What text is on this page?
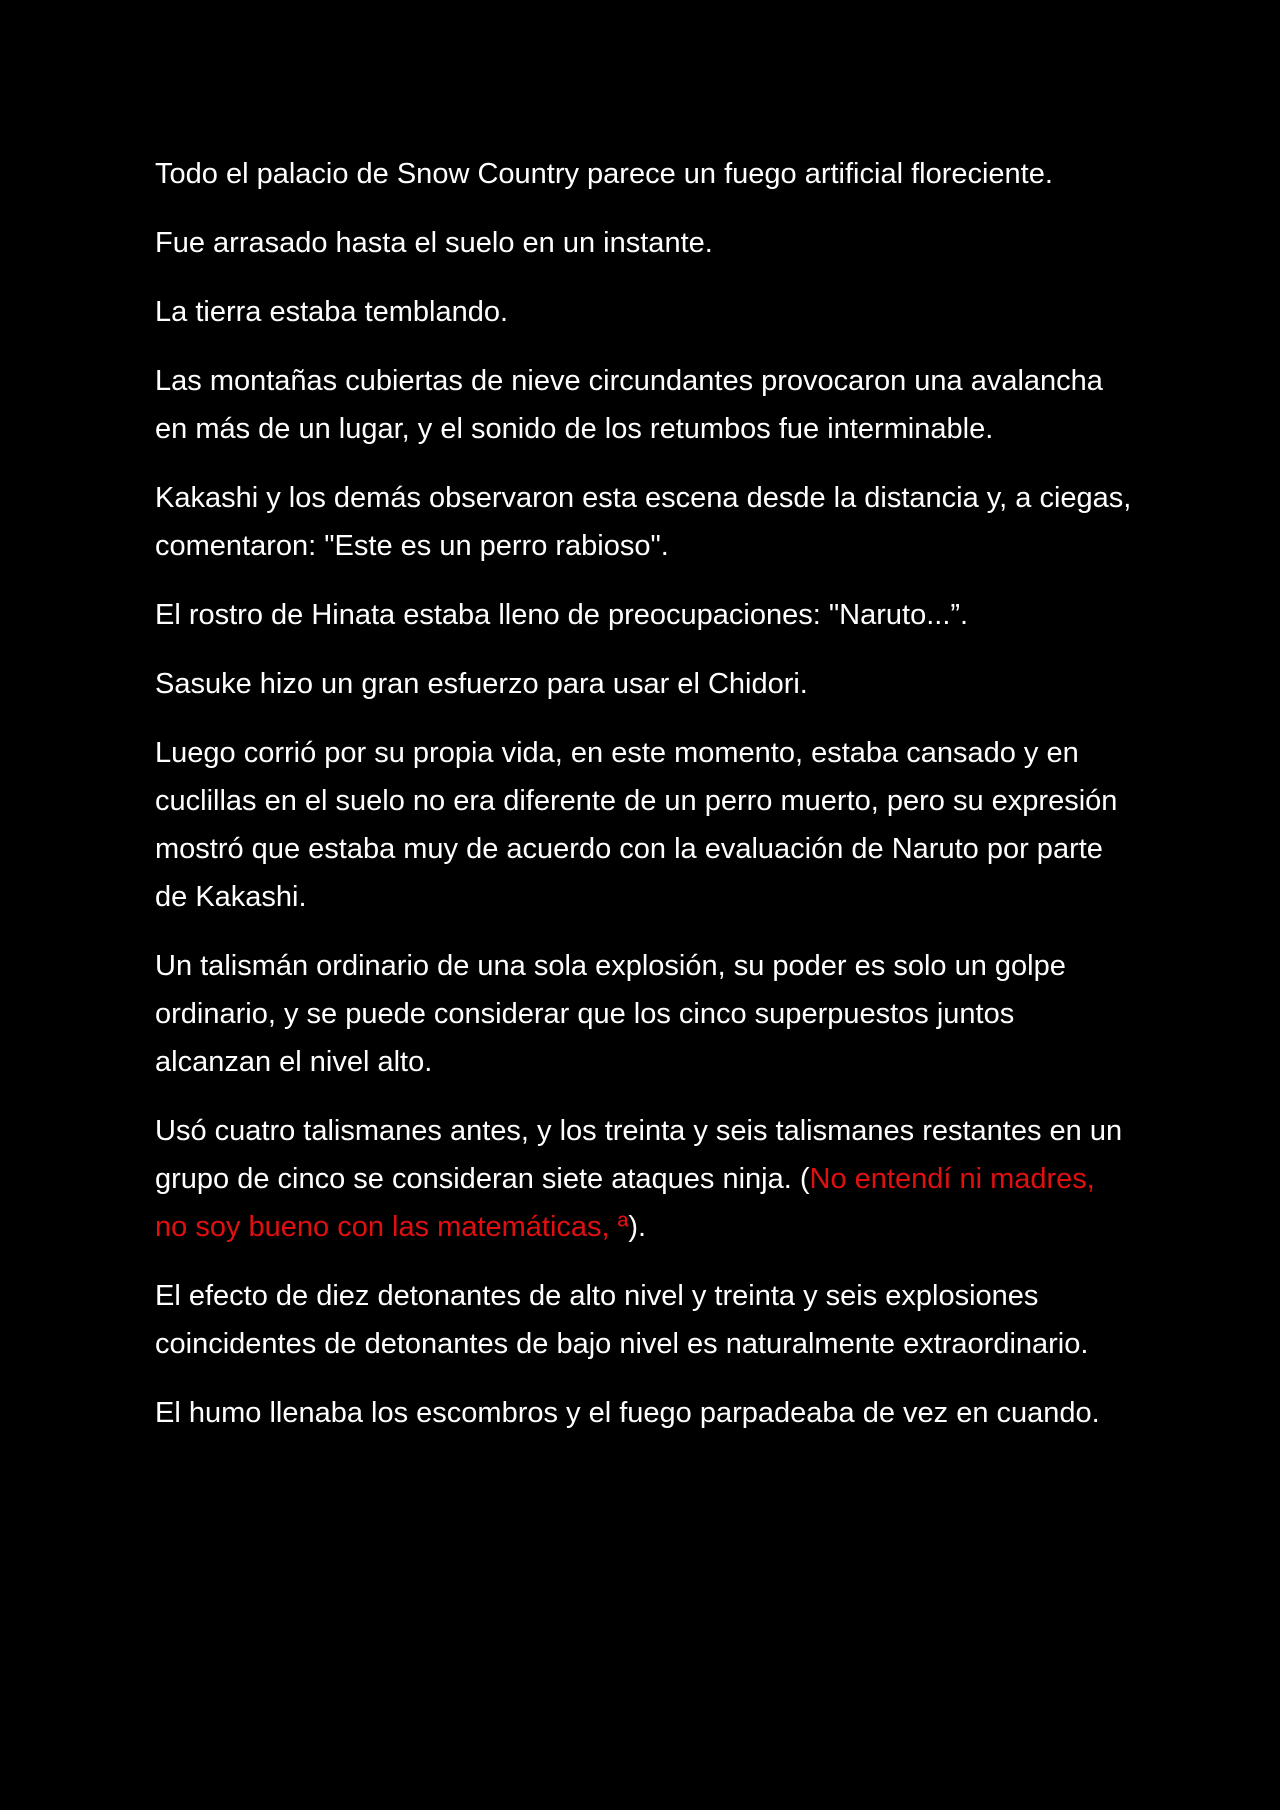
Todo el palacio de Snow Country parece un fuego artificial floreciente.

Fue arrasado hasta el suelo en un instante.

La tierra estaba temblando.

Las montañas cubiertas de nieve circundantes provocaron una avalancha en más de un lugar, y el sonido de los retumbos fue interminable.

Kakashi y los demás observaron esta escena desde la distancia y, a ciegas, comentaron: "Este es un perro rabioso".

El rostro de Hinata estaba lleno de preocupaciones: "Naruto...”.

Sasuke hizo un gran esfuerzo para usar el Chidori.

Luego corrió por su propia vida, en este momento, estaba cansado y en cuclillas en el suelo no era diferente de un perro muerto, pero su expresión mostró que estaba muy de acuerdo con la evaluación de Naruto por parte de Kakashi.

Un talismán ordinario de una sola explosión, su poder es solo un golpe ordinario, y se puede considerar que los cinco superpuestos juntos alcanzan el nivel alto.

Usó cuatro talismanes antes, y los treinta y seis talismanes restantes en un grupo de cinco se consideran siete ataques ninja. (No entendí ni madres, no soy bueno con las matemáticas, ª).

El efecto de diez detonantes de alto nivel y treinta y seis explosiones coincidentes de detonantes de bajo nivel es naturalmente extraordinario.

El humo llenaba los escombros y el fuego parpadeaba de vez en cuando.
